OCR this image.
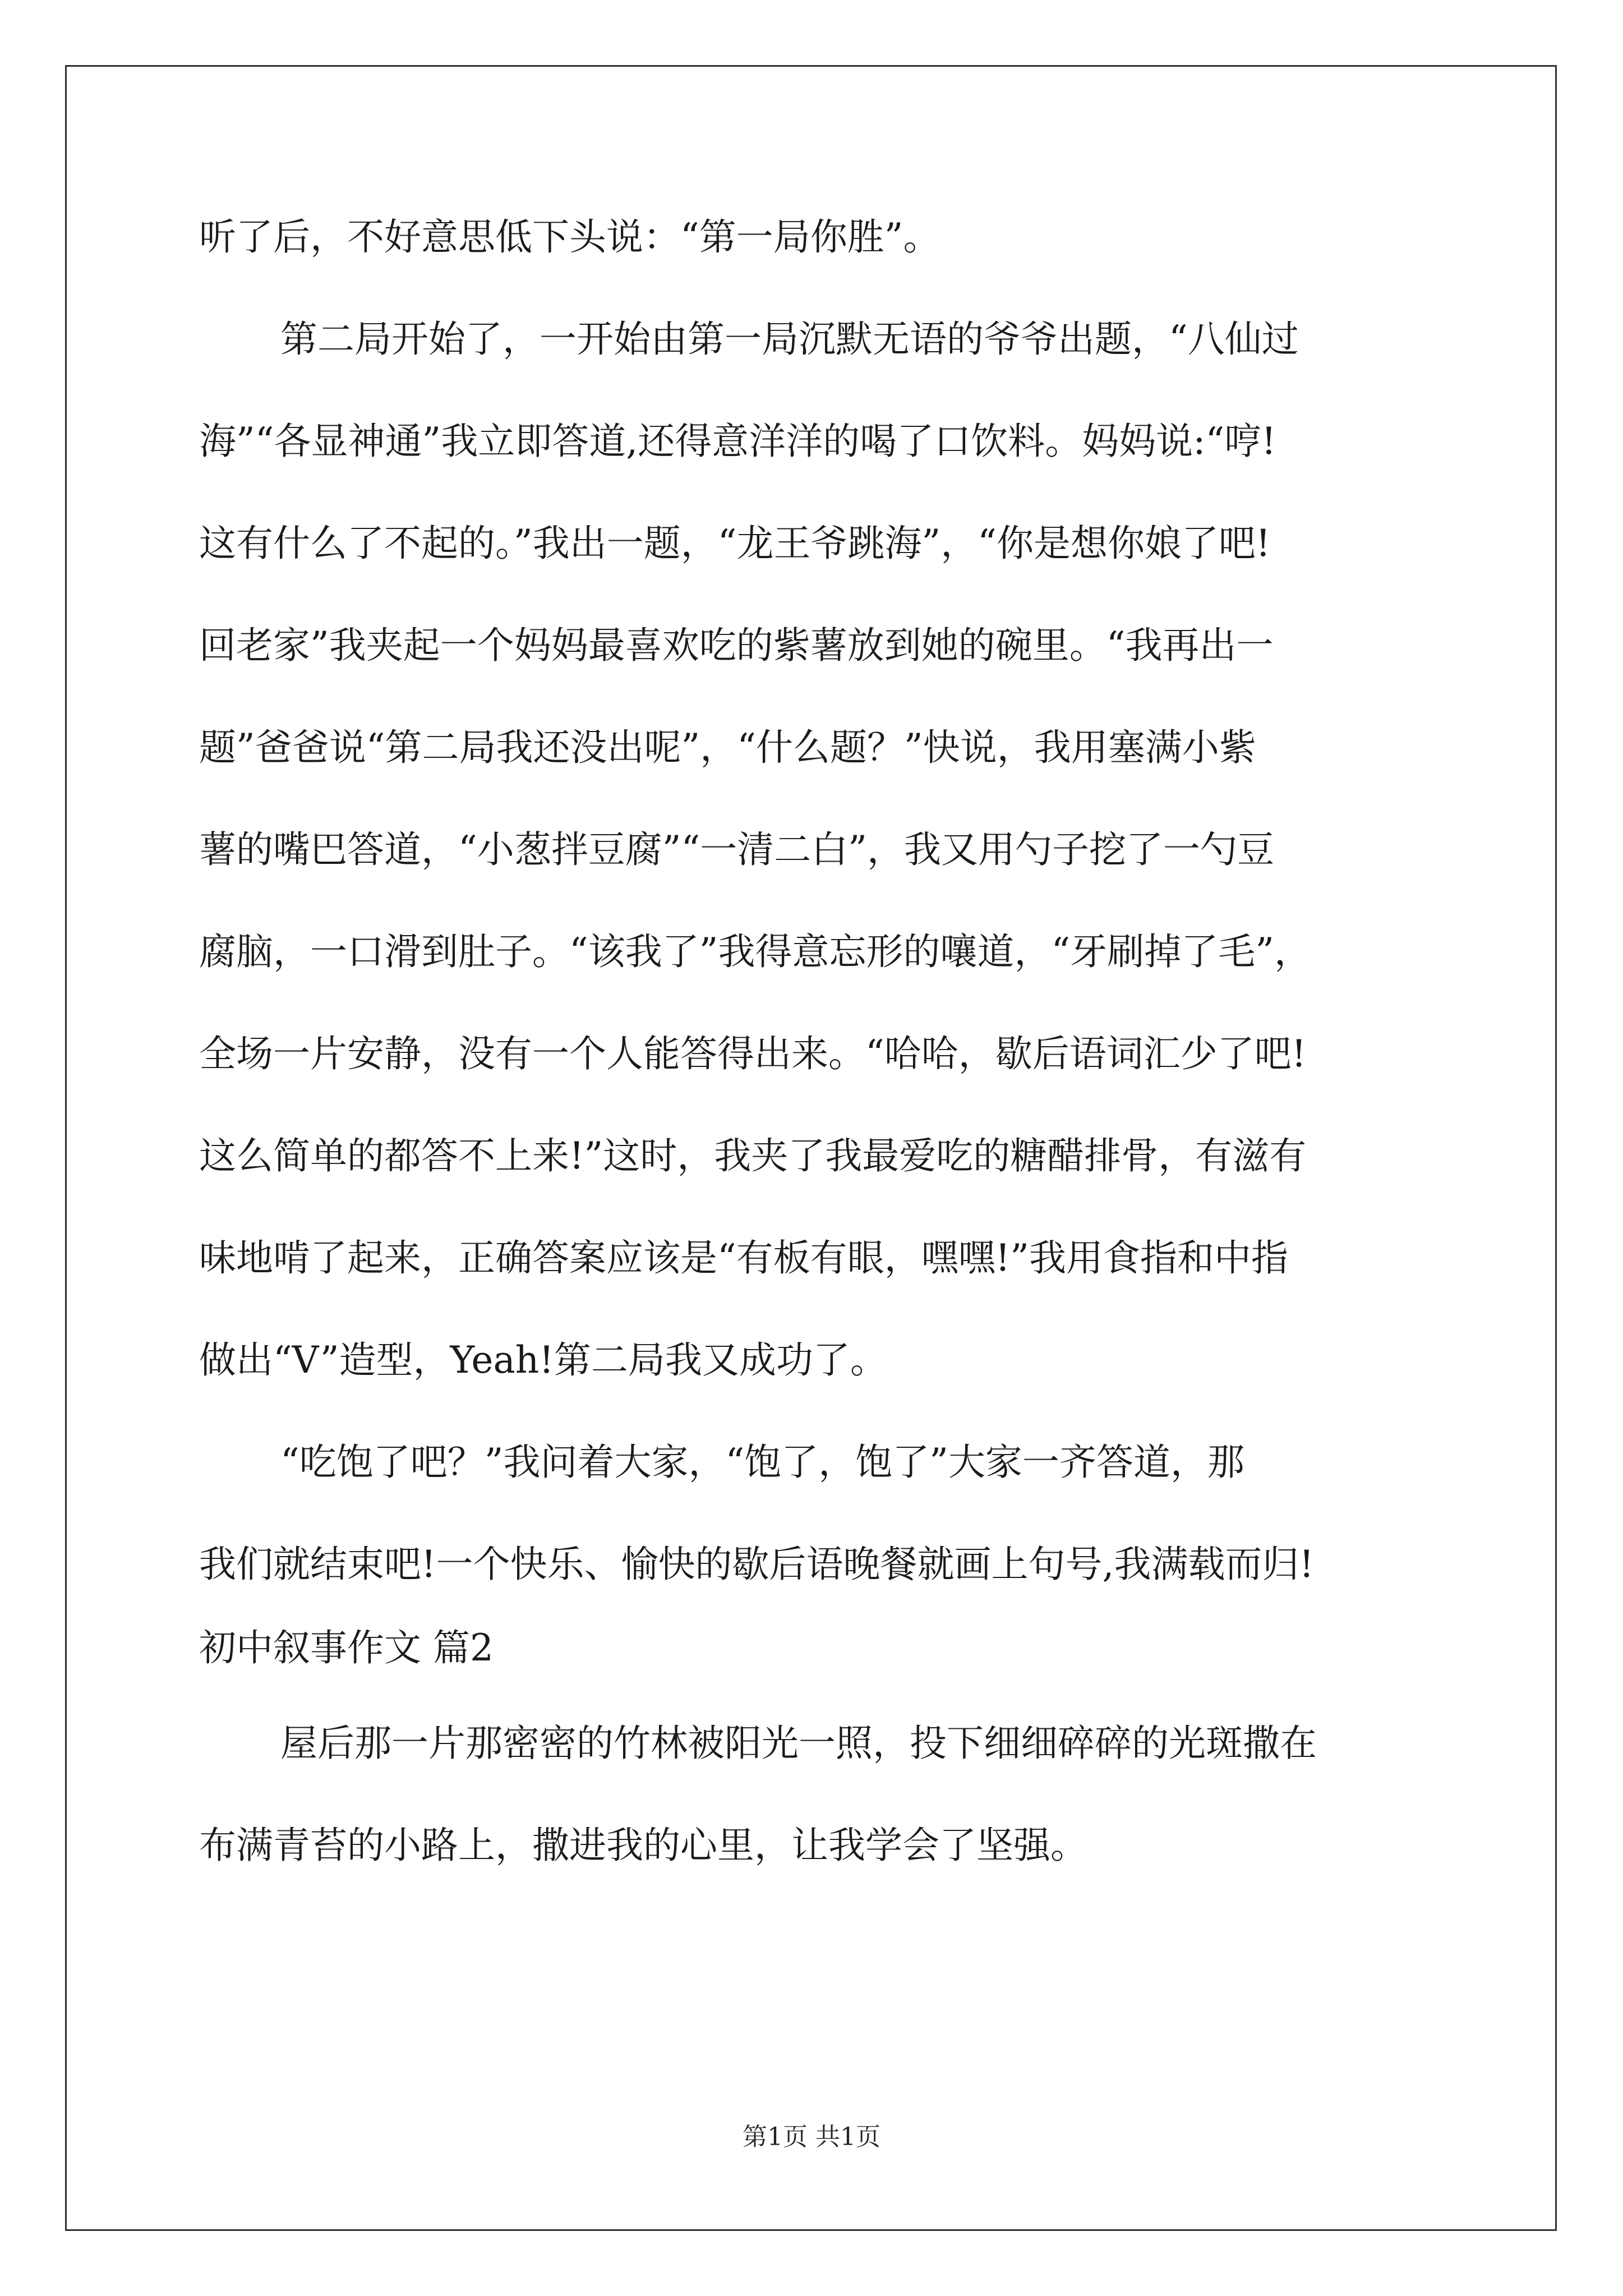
听了后，不好意思低下头说：“第一局你胜”。
第二局开始了，一开始由第一局沉默无语的爷爷出题，“八仙过
海”“各显神通”我立即答道,还得意洋洋的喝了口饮料。妈妈说:“哼!
这有什么了不起的。”我出一题，“龙王爷跳海”，“你是想你娘了吧!
回老家”我夹起一个妈妈最喜欢吃的紫薯放到她的碗里。“我再出一
题”爸爸说“第二局我还没出呢”，“什么题？”快说，我用塞满小紫
薯的嘴巴答道，“小葱拌豆腐”“一清二白”，我又用勺子挖了一勺豆
腐脑，一口滑到肚子。“该我了”我得意忘形的嚷道，“牙刷掉了毛”，
全场一片安静，没有一个人能答得出来。“哈哈，歇后语词汇少了吧!
这么简单的都答不上来!”这时，我夹了我最爱吃的糖醋排骨，有滋有
味地啃了起来，正确答案应该是“有板有眼，嘿嘿!”我用食指和中指
做出“V”造型，Yeah!第二局我又成功了。
“吃饱了吧？”我问着大家，“饱了，饱了”大家一齐答道，那
我们就结束吧!一个快乐、愉快的歇后语晚餐就画上句号,我满载而归!
初中叙事作文 篇2
屋后那一片那密密的竹林被阳光一照，投下细细碎碎的光斑撒在
布满青苔的小路上，撒进我的心里，让我学会了坚强。
第1页 共1页
